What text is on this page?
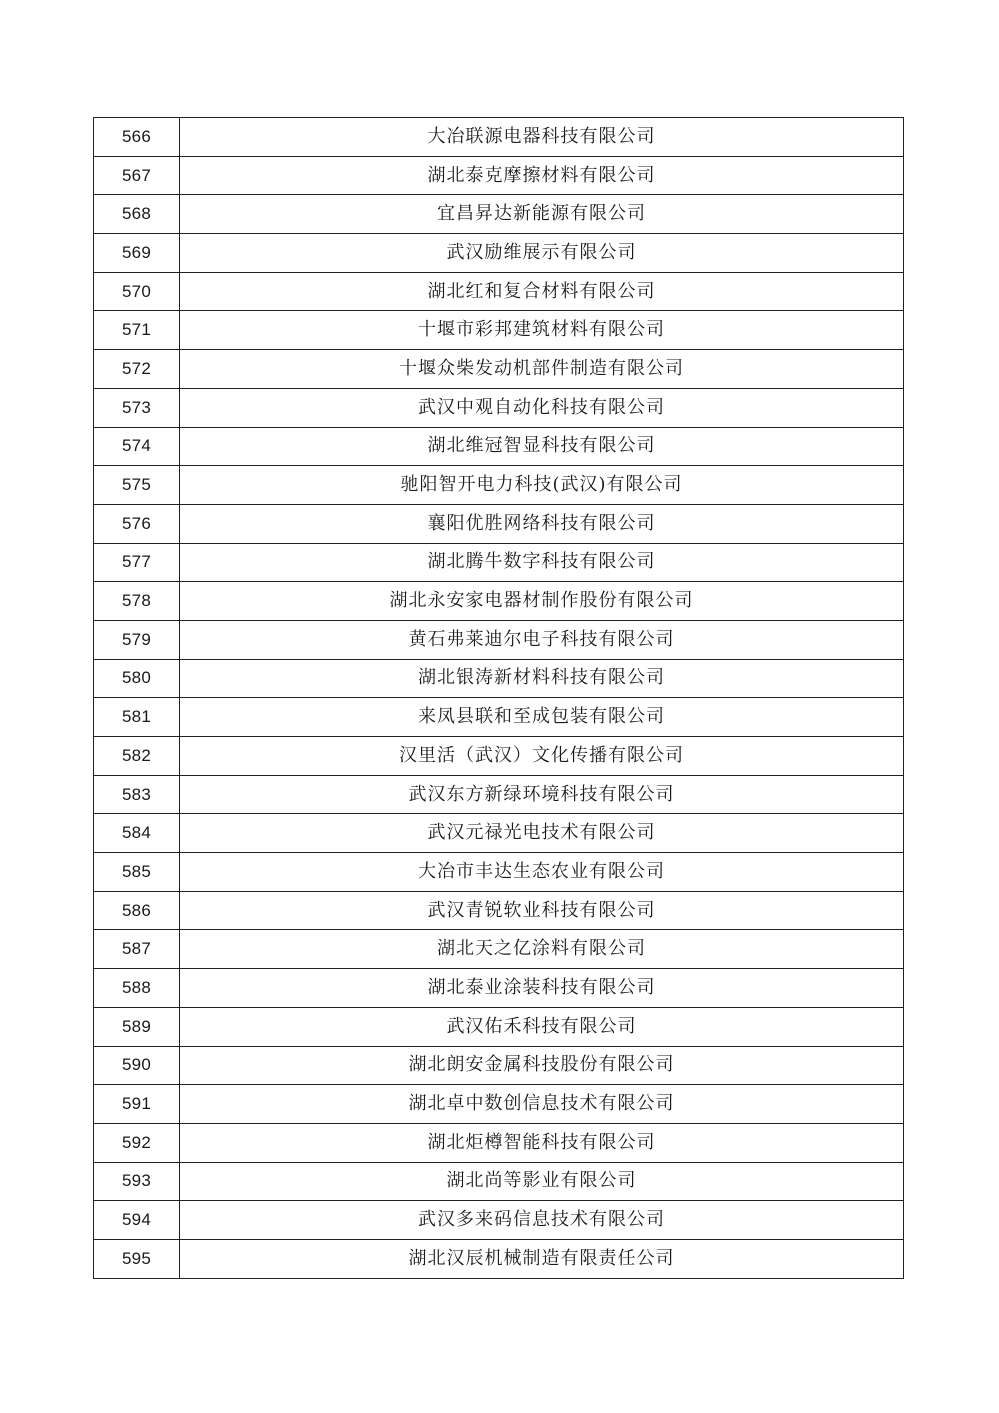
566	大冶联源电器科技有限公司
567	湖北泰克摩擦材料有限公司
568	宜昌昇达新能源有限公司
569	武汉励维展示有限公司
570	湖北红和复合材料有限公司
571	十堰市彩邦建筑材料有限公司
572	十堰众柴发动机部件制造有限公司
573	武汉中观自动化科技有限公司
574	湖北维冠智显科技有限公司
575	驰阳智开电力科技(武汉)有限公司
576	襄阳优胜网络科技有限公司
577	湖北腾牛数字科技有限公司
578	湖北永安家电器材制作股份有限公司
579	黄石弗莱迪尔电子科技有限公司
580	湖北银涛新材料科技有限公司
581	来凤县联和至成包装有限公司
582	汉里活（武汉）文化传播有限公司
583	武汉东方新绿环境科技有限公司
584	武汉元禄光电技术有限公司
585	大冶市丰达生态农业有限公司
586	武汉青锐软业科技有限公司
587	湖北天之亿涂料有限公司
588	湖北泰业涂装科技有限公司
589	武汉佑禾科技有限公司
590	湖北朗安金属科技股份有限公司
591	湖北卓中数创信息技术有限公司
592	湖北炬樽智能科技有限公司
593	湖北尚等影业有限公司
594	武汉多来码信息技术有限公司
595	湖北汉辰机械制造有限责任公司
